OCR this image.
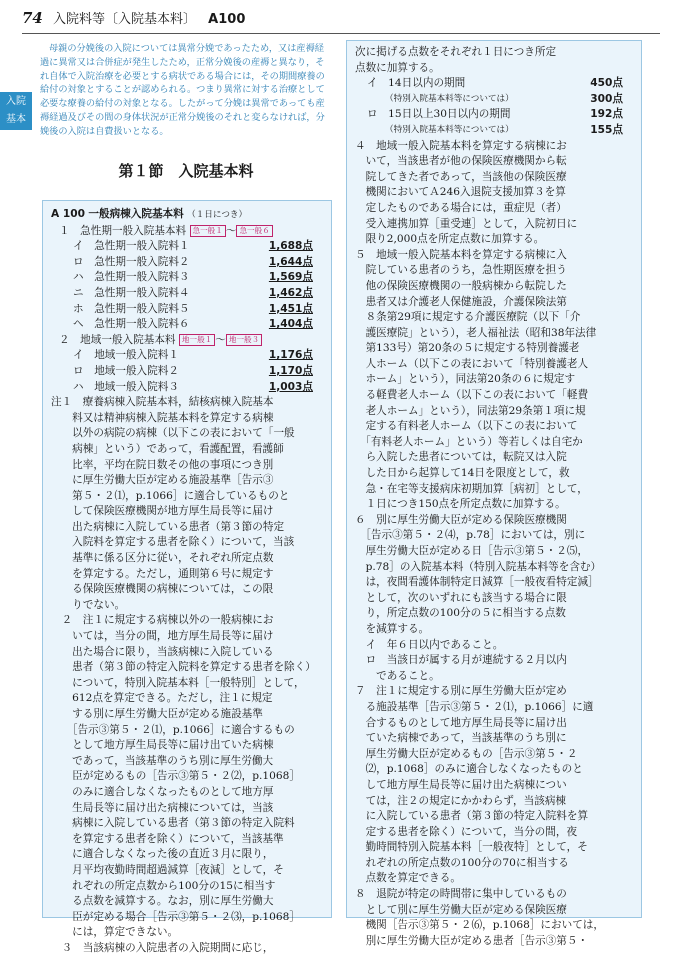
74 入院料等〔入院基本料〕 A100
入院
基本
母親の分娩後の入院については異常分娩であったため，又は産褥経過に異常又は合併症が発生したため，正常分娩後の産褥と異なり，それ自体で入院治療を必要とする病状である場合には，その期間療養の給付の対象とすることが認められる。つまり異常に対する治療として必要な療養の給付の対象となる。したがって分娩は異常であっても産褥経過及びその間の身体状況が正常分娩後のそれと変らなければ，分娩後の入院は自費扱いとなる。
第１節　入院基本料
A 100 一般病棟入院基本料 （１日につき）
１　急性期一般入院基本料 急一般１ ～ 急一般６
イ　 急性期一般入院料１	1,688点
ロ　 急性期一般入院料２	1,644点
ハ　 急性期一般入院料３	1,569点
ニ　 急性期一般入院料４	1,462点
ホ　 急性期一般入院料５	1,451点
ヘ　 急性期一般入院料６	1,404点
２　地域一般入院基本料 地一般１ ～ 地一般３
イ　 地域一般入院料１	1,176点
ロ　 地域一般入院料２	1,170点
ハ　 地域一般入院料３	1,003点
注１　療養病棟入院基本料，結核病棟入院基本
　　料又は精神病棟入院基本料を算定する病棟
　　以外の病院の病棟（以下この表において「一般
　　病棟」という）であって，看護配置，看護師
　　比率，平均在院日数その他の事項につき別
　　に厚生労働大臣が定める施設基準［告示③
　　第５・２⑴，p.1066］に適合しているものと
　　して保険医療機関が地方厚生局長等に届け
　　出た病棟に入院している患者（第３節の特定
　　入院料を算定する患者を除く）について，当該
　　基準に係る区分に従い，それぞれ所定点数
　　を算定する。ただし，通則第６号に規定す
　　る保険医療機関の病棟については，この限
　　りでない。
　２　注１に規定する病棟以外の一般病棟にお
　　いては，当分の間，地方厚生局長等に届け
　　出た場合に限り，当該病棟に入院している
　　患者（第３節の特定入院料を算定する患者を除く）
　　について，特別入院基本料［一般特別］として，
　　612点を算定できる。ただし，注１に規定
　　する別に厚生労働大臣が定める施設基準
　　［告示③第５・２⑴，p.1066］に適合するもの
　　として地方厚生局長等に届け出ていた病棟
　　であって，当該基準のうち別に厚生労働大
　　臣が定めるもの［告示③第５・２⑵，p.1068］
　　のみに適合しなくなったものとして地方厚
　　生局長等に届け出た病棟については，当該
　　病棟に入院している患者（第３節の特定入院料
　　を算定する患者を除く）について，当該基準
　　に適合しなくなった後の直近３月に限り，
　　月平均夜勤時間超過減算［夜減］として，そ
　　れぞれの所定点数から100分の15に相当す
　　る点数を減算する。なお，別に厚生労働大
　　臣が定める場合［告示③第５・２⑶，p.1068］
　　には，算定できない。
　３　当該病棟の入院患者の入院期間に応じ，
次に掲げる点数をそれぞれ１日につき所定
点数に加算する。
イ　14日以内の期間	450点
（特別入院基本料等については）	300点
ロ　15日以上30日以内の期間	192点
（特別入院基本料等については）	155点
４　地域一般入院基本料を算定する病棟にお
　いて，当該患者が他の保険医療機関から転
　院してきた者であって，当該他の保険医療
　機関においてＡ246入退院支援加算３を算
　定したものである場合には，重症児（者）
　受入連携加算［重受連］として，入院初日に
　限り2,000点を所定点数に加算する。
５　地域一般入院基本料を算定する病棟に入
　院している患者のうち，急性期医療を担う
　他の保険医療機関の一般病棟から転院した
　患者又は介護老人保健施設，介護保険法第
　８条第29項に規定する介護医療院（以下「介
　護医療院」という），老人福祉法（昭和38年法律
　第133号）第20条の５に規定する特別養護老
　人ホーム（以下この表において「特別養護老人
　ホーム」という），同法第20条の６に規定す
　る軽費老人ホーム（以下この表において「軽費
　老人ホーム」という），同法第29条第１項に規
　定する有料老人ホーム（以下この表において
　「有料老人ホーム」という）等若しくは自宅か
　ら入院した患者については，転院又は入院
　した日から起算して14日を限度として，救
　急・在宅等支援病床初期加算［病初］として，
　１日につき150点を所定点数に加算する。
６　別に厚生労働大臣が定める保険医療機関
　［告示③第５・２⑷，p.78］においては，別に
　厚生労働大臣が定める日［告示③第５・２⑸，
　p.78］の入院基本料（特別入院基本料等を含む）
　は，夜間看護体制特定日減算［一般夜看特定減］
　として，次のいずれにも該当する場合に限
　り，所定点数の100分の５に相当する点数
　を減算する。
　イ　年６日以内であること。
　ロ　当該日が属する月が連続する２月以内
　　であること。
７　注１に規定する別に厚生労働大臣が定め
　る施設基準［告示③第５・２⑴，p.1066］に適
　合するものとして地方厚生局長等に届け出
　ていた病棟であって，当該基準のうち別に
　厚生労働大臣が定めるもの［告示③第５・２
　⑵，p.1068］のみに適合しなくなったものと
　して地方厚生局長等に届け出た病棟につい
　ては，注２の規定にかかわらず，当該病棟
　に入院している患者（第３節の特定入院料を算
　定する患者を除く）について，当分の間，夜
　勤時間特別入院基本料［一般夜特］として，そ
　れぞれの所定点数の100分の70に相当する
　点数を算定できる。
８　退院が特定の時間帯に集中しているもの
　として別に厚生労働大臣が定める保険医療
　機関［告示③第５・２⑹，p.1068］においては，
　別に厚生労働大臣が定める患者［告示③第５・
